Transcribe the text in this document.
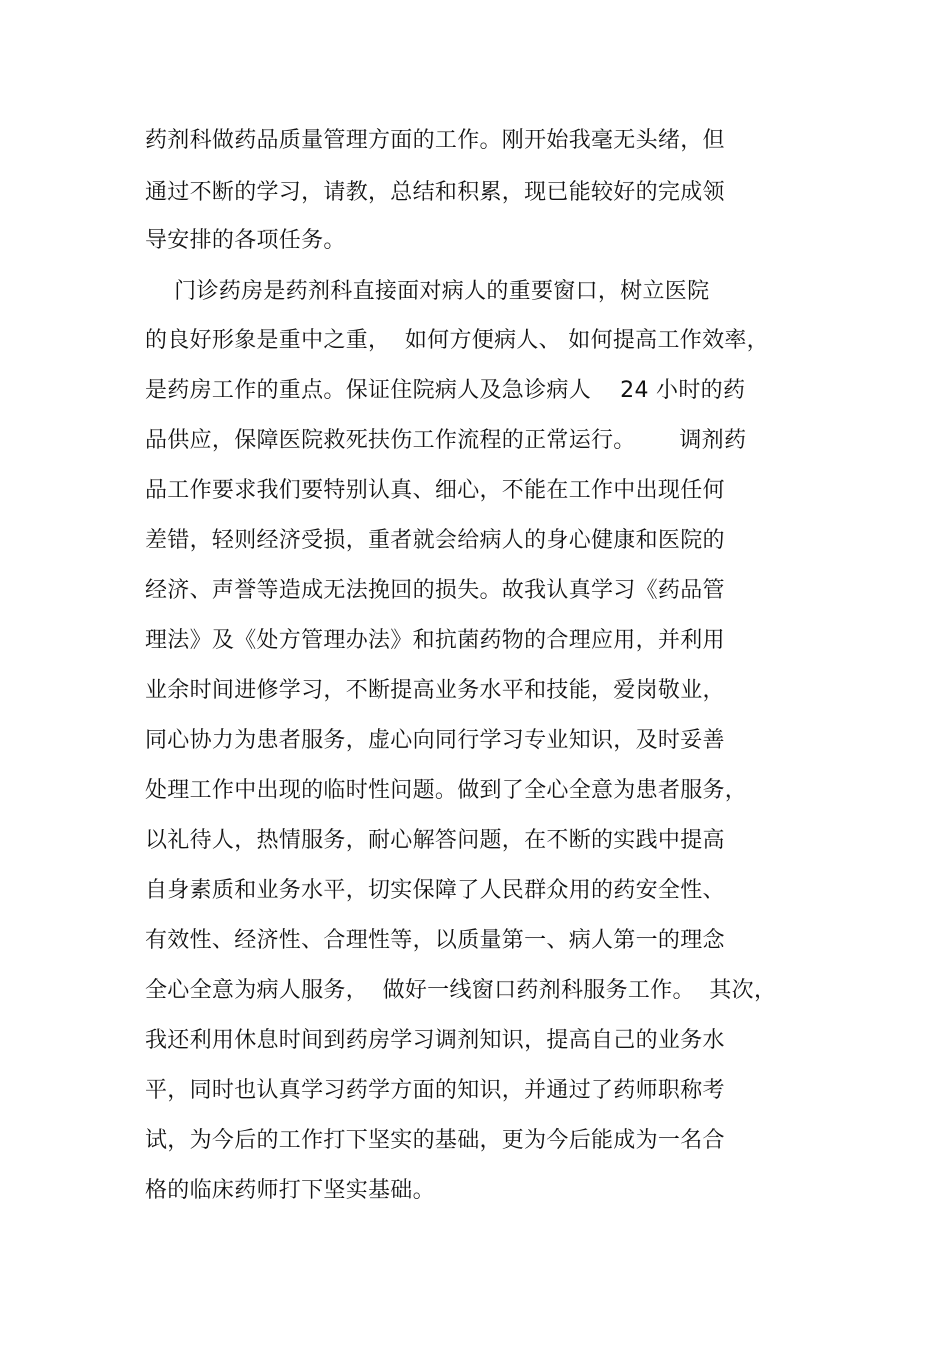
药剂科做药品质量管理方面的工作。刚开始我毫无头绪，但
通过不断的学习，请教，总结和积累，现已能较好的完成领
导安排的各项任务。
门诊药房是药剂科直接面对病人的重要窗口，树立医院
的良好形象是重中之重，  如何方便病人、 如何提高工作效率，
是药房工作的重点。保证住院病人及急诊病人    24 小时的药
品供应，保障医院救死扶伤工作流程的正常运行。      调剂药
品工作要求我们要特别认真、细心，不能在工作中出现任何
差错，轻则经济受损，重者就会给病人的身心健康和医院的
经济、声誉等造成无法挽回的损失。故我认真学习《药品管
理法》及《处方管理办法》和抗菌药物的合理应用，并利用
业余时间进修学习，不断提高业务水平和技能，爱岗敬业，
同心协力为患者服务，虚心向同行学习专业知识，及时妥善
处理工作中出现的临时性问题。做到了全心全意为患者服务，
以礼待人，热情服务，耐心解答问题，在不断的实践中提高
自身素质和业务水平，切实保障了人民群众用的药安全性、
有效性、经济性、合理性等，以质量第一、病人第一的理念
全心全意为病人服务，  做好一线窗口药剂科服务工作。  其次，
我还利用休息时间到药房学习调剂知识，提高自己的业务水
平，同时也认真学习药学方面的知识，并通过了药师职称考
试，为今后的工作打下坚实的基础，更为今后能成为一名合
格的临床药师打下坚实基础。
